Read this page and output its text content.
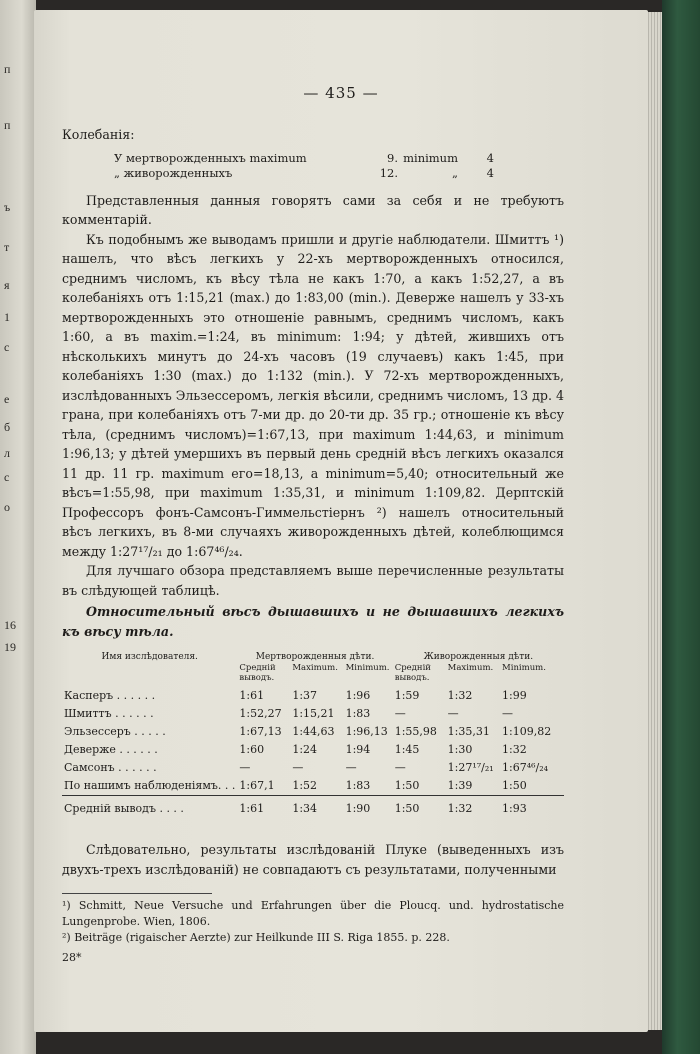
п
п
ъ
т
я
1
с
е
б
л
с
о
16
19
— 435 —

Колебанія:

У мертворожденныхъ maximum	9. minimum	4
„ живорожденныхъ	12.	„	4

Представленныя данныя говорятъ сами за себя и не требуютъ комментарій.

Къ подобнымъ же выводамъ пришли и другіе наблюдатели. Шмиттъ ¹) нашелъ, что вѣсъ легкихъ у 22-хъ мертворожденныхъ относился, среднимъ числомъ, къ вѣсу тѣла не какъ 1:70, а какъ 1:52,27, а въ колебаніяхъ отъ 1:15,21 (max.) до 1:83,00 (min.). Деверже нашелъ у 33-хъ мертворожденныхъ это отношеніе равнымъ, среднимъ числомъ, какъ 1:60, а въ maxim.=1:24, въ minimum: 1:94; у дѣтей, жившихъ отъ нѣсколькихъ минутъ до 24-хъ часовъ (19 случаевъ) какъ 1:45, при колебаніяхъ 1:30 (max.) до 1:132 (min.). У 72-хъ мертворожденныхъ, изслѣдованныхъ Эльзессеромъ, легкія вѣсили, среднимъ числомъ, 13 др. 4 грана, при колебаніяхъ отъ 7-ми др. до 20-ти др. 35 гр.; отношеніе къ вѣсу тѣла, (среднимъ числомъ)=1:67,13, при maximum 1:44,63, и minimum 1:96,13; у дѣтей умершихъ въ первый день средній вѣсъ легкихъ оказался 11 др. 11 гр. maximum его=18,13, а minimum=5,40; относительный же вѣсъ=1:55,98, при maximum 1:35,31, и minimum 1:109,82. Дерптскій Профессоръ фонъ-Самсонъ-Гиммельстіернъ ²) нашелъ относительный вѣсъ легкихъ, въ 8-ми случаяхъ живорожденныхъ дѣтей, колеблющимся между 1:27¹⁷/₂₁ до 1:67⁴⁶/₂₄.

Для лучшаго обзора представляемъ выше перечисленные результаты въ слѣдующей таблицѣ.

Относительный вѣсъ дышавшихъ и не дышавшихъ легкихъ къ вѣсу тѣла.

Имя изслѣдователя.	Мертворожденныя дѣти.			Живорожденныя дѣти.		
	Средній выводъ.	Maximum.	Minimum.	Средній выводъ.	Maximum.	Minimum.
Касперъ . . . . . .	1:61	1:37	1:96	1:59	1:32	1:99
Шмиттъ . . . . . .	1:52,27	1:15,21	1:83	—	—	—
Эльзессеръ . . . . .	1:67,13	1:44,63	1:96,13	1:55,98	1:35,31	1:109,82
Деверже . . . . . .	1:60	1:24	1:94	1:45	1:30	1:32
Самсонъ . . . . . .	—	—	—	—	1:27¹⁷/₂₁	1:67⁴⁶/₂₄
По нашимъ наблюденіямъ. . .	1:67,1	1:52	1:83	1:50	1:39	1:50
Средній выводъ . . . .	1:61	1:34	1:90	1:50	1:32	1:93

Слѣдовательно, результаты изслѣдованій Плуке (выведенныхъ изъ двухъ-трехъ изслѣдованій) не совпадаютъ съ результатами, полученными

¹) Schmitt, Neue Versuche und Erfahrungen über die Ploucq. und. hydrostatische Lungenprobe. Wien, 1806.

²) Beiträge (rigaischer Aerzte) zur Heilkunde III S. Riga 1855. p. 228.

28*
